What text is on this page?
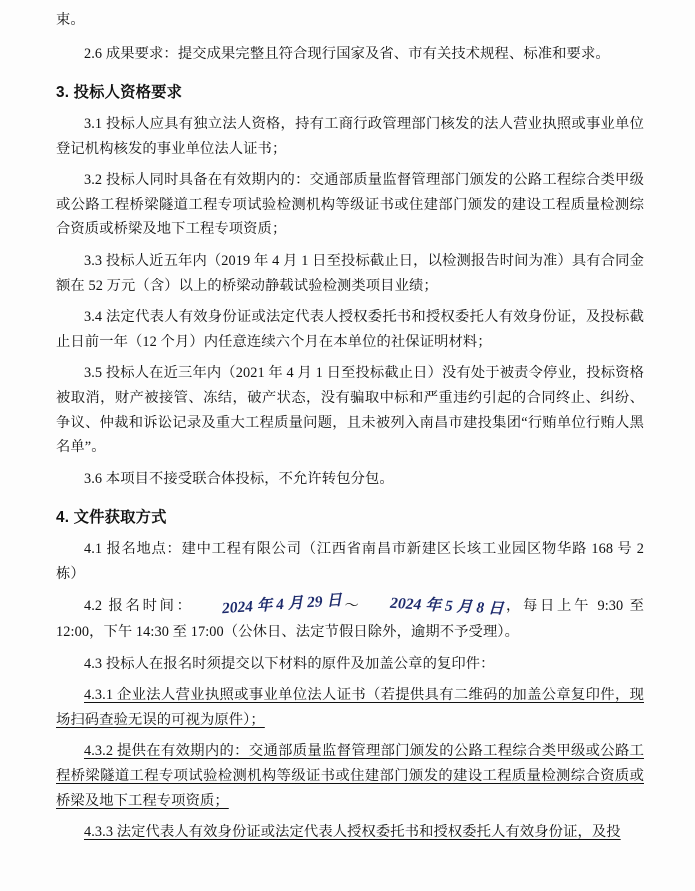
束。

2.6 成果要求：提交成果完整且符合现行国家及省、市有关技术规程、标准和要求。

3. 投标人资格要求

3.1 投标人应具有独立法人资格，持有工商行政管理部门核发的法人营业执照或事业单位登记机构核发的事业单位法人证书；

3.2 投标人同时具备在有效期内的：交通部质量监督管理部门颁发的公路工程综合类甲级或公路工程桥梁隧道工程专项试验检测机构等级证书或住建部门颁发的建设工程质量检测综合资质或桥梁及地下工程专项资质；

3.3 投标人近五年内（2019 年 4 月 1 日至投标截止日，以检测报告时间为准）具有合同金额在 52 万元（含）以上的桥梁动静载试验检测类项目业绩；

3.4 法定代表人有效身份证或法定代表人授权委托书和授权委托人有效身份证，及投标截止日前一年（12 个月）内任意连续六个月在本单位的社保证明材料；

3.5 投标人在近三年内（2021 年 4 月 1 日至投标截止日）没有处于被责令停业，投标资格被取消，财产被接管、冻结，破产状态，没有骗取中标和严重违约引起的合同终止、纠纷、争议、仲裁和诉讼记录及重大工程质量问题，且未被列入南昌市建投集团“行贿单位行贿人黑名单”。

3.6 本项目不接受联合体投标，不允许转包分包。

4. 文件获取方式

4.1 报名地点：建中工程有限公司（江西省南昌市新建区长垓工业园区物华路 168 号 2 栋）

4.2 报名时间： 2024 年 4 月 29 日～ 2024 年 5 月 8 日，每日上午 9:30 至 12:00，下午 14:30 至 17:00（公休日、法定节假日除外，逾期不予受理）。

4.3 投标人在报名时须提交以下材料的原件及加盖公章的复印件：

4.3.1 企业法人营业执照或事业单位法人证书（若提供具有二维码的加盖公章复印件，现场扫码查验无误的可视为原件）；

4.3.2 提供在有效期内的：交通部质量监督管理部门颁发的公路工程综合类甲级或公路工程桥梁隧道工程专项试验检测机构等级证书或住建部门颁发的建设工程质量检测综合资质或桥梁及地下工程专项资质；

4.3.3 法定代表人有效身份证或法定代表人授权委托书和授权委托人有效身份证，及投
